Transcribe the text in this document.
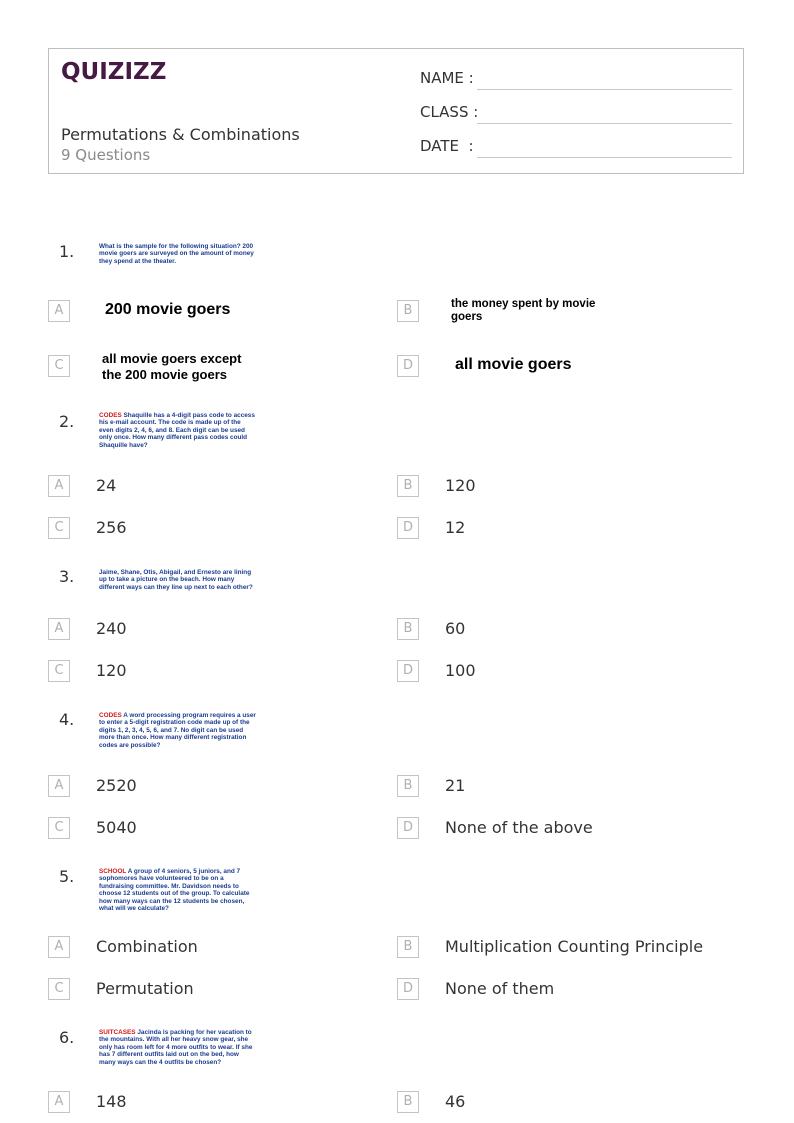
QUIZIZZ
Permutations & Combinations
9 Questions
NAME :
CLASS :
DATE  :
1.	What is the sample for the following situation? 200 movie goers are surveyed on the amount of money they spend at the theater.
A	200 movie goers	B	the money spent by movie goers
C	all movie goers except the 200 movie goers
D	all movie goers
2.	CODES Shaquille has a 4-digit pass code to access his e-mail account. The code is made up of the even digits 2, 4, 6, and 8. Each digit can be used only once. How many different pass codes could Shaquille have?
A	24	B	120
C	256	D	12
3.	Jaime, Shane, Otis, Abigail, and Ernesto are lining up to take a picture on the beach. How many different ways can they line up next to each other?
A	240	B	60
C	120	D	100
4.	CODES A word processing program requires a user to enter a 5-digit registration code made up of the digits 1, 2, 3, 4, 5, 6, and 7. No digit can be used more than once. How many different registration codes are possible?
A	2520	B	21
C	5040	D	None of the above
5.	SCHOOL A group of 4 seniors, 5 juniors, and 7 sophomores have volunteered to be on a fundraising committee. Mr. Davidson needs to choose 12 students out of the group. To calculate how many ways can the 12 students be chosen, what will we calculate?
A	Combination	B	Multiplication Counting Principle
C	Permutation	D	None of them
6.	SUITCASES Jacinda is packing for her vacation to the mountains. With all her heavy snow gear, she only has room left for 4 more outfits to wear. If she has 7 different outfits laid out on the bed, how many ways can the 4 outfits be chosen?
A	148	B	46
